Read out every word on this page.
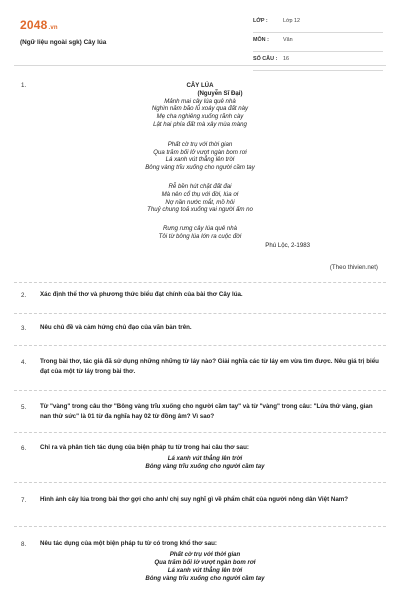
2048.vn
(Ngữ liệu ngoài sgk) Cây lúa
LỚP :	Lớp 12
MÔN :	Văn
SỐ CÂU : 16
1.	CÂY LÚA
(Nguyễn Sĩ Đại)
Mảnh mai cây lúa quê nhà
Nghìn năm bão lũ xoáy qua đất này
Mẹ cha nghiêng xuống rãnh cày
Lật hai phía đất mà xây mùa màng
Phất cờ trụ với thời gian
Qua trăm bối lở vượt ngàn bom rơi
Lá xanh vút thẳng lên trời
Bông vàng trĩu xuống cho người cầm tay
Rễ bền hút chặt đất đai
Mà nên cổ thụ với đời, lúa ơi
Nợ nần nước mắt, mồ hôi
Thuỷ chung toả xuống vai người ấm no
Rưng rưng cây lúa quê nhà
Tôi từ bông lúa lớn ra cuộc đời
Phú Lộc, 2-1983
(Theo thivien.net)
2. Xác định thể thơ và phương thức biểu đạt chính của bài thơ Cây lúa.
3. Nêu chủ đề và cảm hứng chủ đạo của văn bản trên.
4. Trong bài thơ, tác giả đã sử dụng những những từ láy nào? Giải nghĩa các từ láy em vừa tìm được. Nêu giá trị biểu đạt của một từ láy trong bài thơ.
5. Từ "vàng" trong câu thơ "Bông vàng trĩu xuống cho người cầm tay" và từ "vàng" trong câu: "Lửa thử vàng, gian nan thử sức" là 01 từ đa nghĩa hay 02 từ đồng âm? Vì sao?
6. Chỉ ra và phân tích tác dụng của biện pháp tu từ trong hai câu thơ sau:
Lá xanh vút thẳng lên trời
Bông vàng trĩu xuống cho người cầm tay
7. Hình ảnh cây lúa trong bài thơ gợi cho anh/ chị suy nghĩ gì về phẩm chất của người nông dân Việt Nam?
8. Nêu tác dụng của một biện pháp tu từ có trong khổ thơ sau:
Phất cờ trụ với thời gian
Qua trăm bối lở vượt ngàn bom rơi
Lá xanh vút thẳng lên trời
Bông vàng trĩu xuống cho người cầm tay
